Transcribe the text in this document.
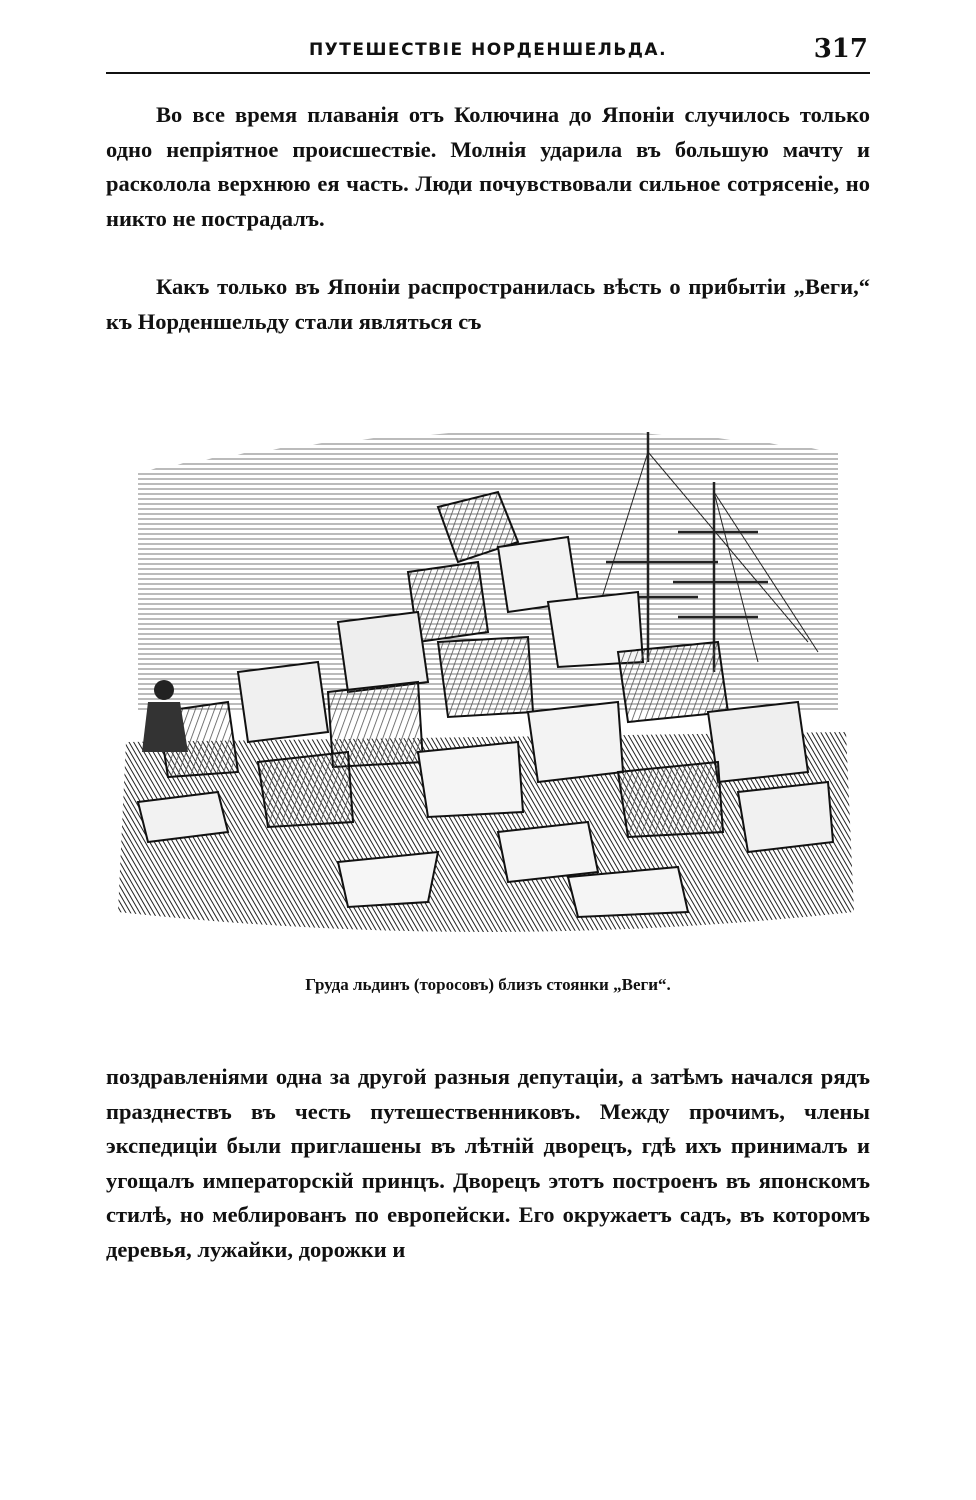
ПУТЕШЕСТВІЕ НОРДЕНШЕЛЬДА.	317

Во все время плаванія отъ Колючина до Японіи случилось только одно непріятное происшествіе. Молнія ударила въ большую мачту и расколола верхнюю ея часть. Люди почувствовали сильное сотрясеніе, но никто не пострадалъ.

Какъ только въ Японіи распространилась вѣсть о прибытіи „Веги,“ къ Норденшельду стали являться съ

Груда льдинъ (торосовъ) близъ стоянки „Веги“.

поздравленіями одна за другой разныя депутаціи, а затѣмъ начался рядъ празднествъ въ честь путешественниковъ. Между прочимъ, члены экспедиціи были приглашены въ лѣтній дворецъ, гдѣ ихъ принималъ и угощалъ императорскій принцъ. Дворецъ этотъ построенъ въ японскомъ стилѣ, но меблированъ по европейски. Его окружаетъ садъ, въ которомъ деревья, лужайки, дорожки и
